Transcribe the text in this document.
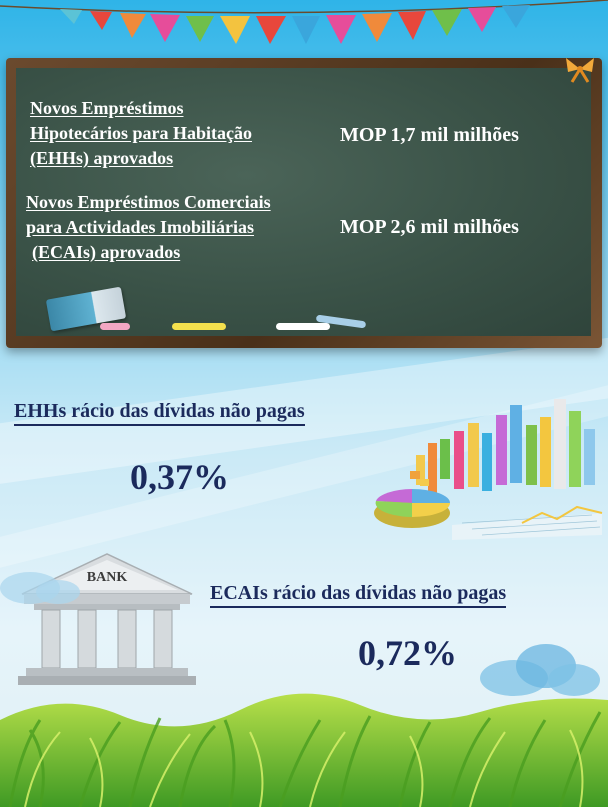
Novos Empréstimos
Hipotecários para Habitação
(EHHs) aprovados
MOP 1,7 mil milhões
Novos Empréstimos Comerciais
para Actividades Imobiliárias
(ECAIs) aprovados
MOP 2,6 mil milhões
EHHs rácio das dívidas não pagas
0,37%
BANK
ECAIs rácio das dívidas não pagas
0,72%
